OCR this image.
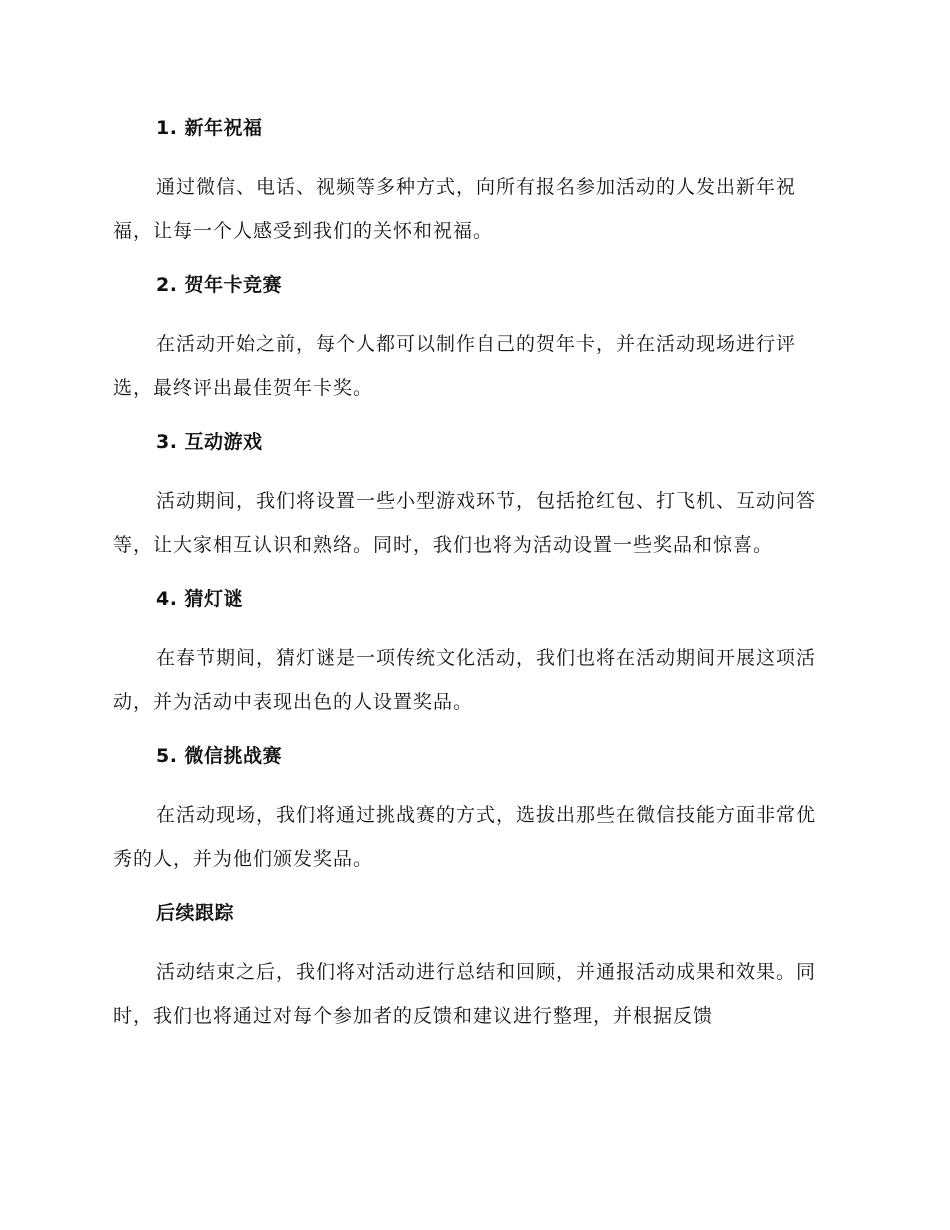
1. 新年祝福
通过微信、电话、视频等多种方式，向所有报名参加活动的人发出新年祝福，让每一个人感受到我们的关怀和祝福。
2. 贺年卡竞赛
在活动开始之前，每个人都可以制作自己的贺年卡，并在活动现场进行评选，最终评出最佳贺年卡奖。
3. 互动游戏
活动期间，我们将设置一些小型游戏环节，包括抢红包、打飞机、互动问答等，让大家相互认识和熟络。同时，我们也将为活动设置一些奖品和惊喜。
4. 猜灯谜
在春节期间，猜灯谜是一项传统文化活动，我们也将在活动期间开展这项活动，并为活动中表现出色的人设置奖品。
5. 微信挑战赛
在活动现场，我们将通过挑战赛的方式，选拔出那些在微信技能方面非常优秀的人，并为他们颁发奖品。
后续跟踪
活动结束之后，我们将对活动进行总结和回顾，并通报活动成果和效果。同时，我们也将通过对每个参加者的反馈和建议进行整理，并根据反馈
